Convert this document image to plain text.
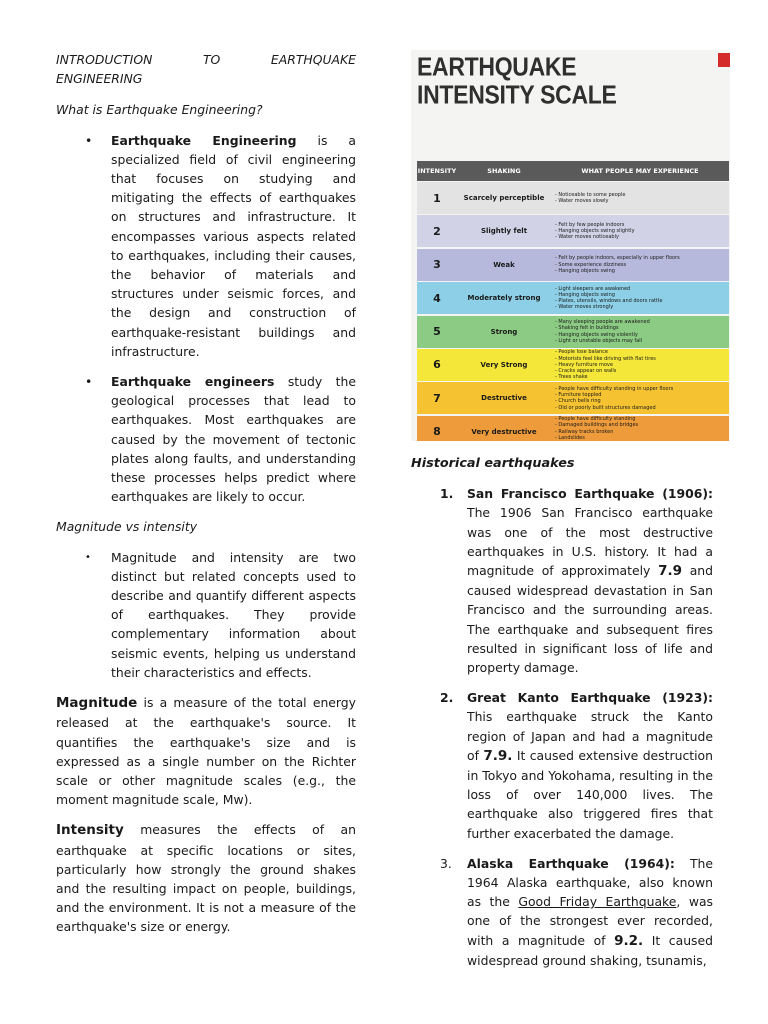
INTRODUCTION	TO	EARTHQUAKE

ENGINEERING

What is Earthquake Engineering?

• Earthquake Engineering is a specialized field of civil engineering that focuses on studying and mitigating the effects of earthquakes on structures and infrastructure. It encompasses various aspects related to earthquakes, including their causes, the behavior of materials and structures under seismic forces, and the design and construction of earthquake-resistant buildings and infrastructure.
• Earthquake engineers study the geological processes that lead to earthquakes. Most earthquakes are caused by the movement of tectonic plates along faults, and understanding these processes helps predict where earthquakes are likely to occur.

Magnitude vs intensity

• Magnitude and intensity are two distinct but related concepts used to describe and quantify different aspects of earthquakes. They provide complementary information about seismic events, helping us understand their characteristics and effects.

Magnitude is a measure of the total energy released at the earthquake's source. It quantifies the earthquake's size and is expressed as a single number on the Richter scale or other magnitude scales (e.g., the moment magnitude scale, Mw).

Intensity measures the effects of an earthquake at specific locations or sites, particularly how strongly the ground shakes and the resulting impact on people, buildings, and the environment. It is not a measure of the earthquake's size or energy.

EARTHQUAKE
INTENSITY SCALE
INTENSITY	SHAKING	WHAT PEOPLE MAY EXPERIENCE
1	Scarcely perceptible	- Noticeable to some people
- Water moves slowly
2	Slightly felt
- Felt by few people indoors
- Hanging objects swing slightly
- Water moves noticeably
3	Weak
- Felt by people indoors, especially in upper floors
- Some experience dizziness
- Hanging objects swing
4	Moderately strong
- Light sleepers are awakened
- Hanging objects swing
- Plates, utensils, windows and doors rattle
- Water moves strongly
5	Strong
- Many sleeping people are awakened
- Shaking felt in buildings
- Hanging objects swing violently
- Light or unstable objects may fall
6	Very Strong
- People lose balance
- Motorists feel like driving with flat tires
- Heavy furniture move
- Cracks appear on walls
- Trees shake
7	Destructive
- People have difficulty standing in upper floors
- Furniture toppled
- Church bells ring
- Old or poorly built structures damaged
8	Very destructive
- People have difficulty standing
- Damaged buildings and bridges
- Railway tracks broken
- Landslides

Historical earthquakes

1. San Francisco Earthquake (1906): The 1906 San Francisco earthquake was one of the most destructive earthquakes in U.S. history. It had a magnitude of approximately 7.9 and caused widespread devastation in San Francisco and the surrounding areas. The earthquake and subsequent fires resulted in significant loss of life and property damage.
2. Great Kanto Earthquake (1923): This earthquake struck the Kanto region of Japan and had a magnitude of 7.9. It caused extensive destruction in Tokyo and Yokohama, resulting in the loss of over 140,000 lives. The earthquake also triggered fires that further exacerbated the damage.
3. Alaska Earthquake (1964): The 1964 Alaska earthquake, also known as the Good Friday Earthquake, was one of the strongest ever recorded, with a magnitude of 9.2. It caused widespread ground shaking, tsunamis,
